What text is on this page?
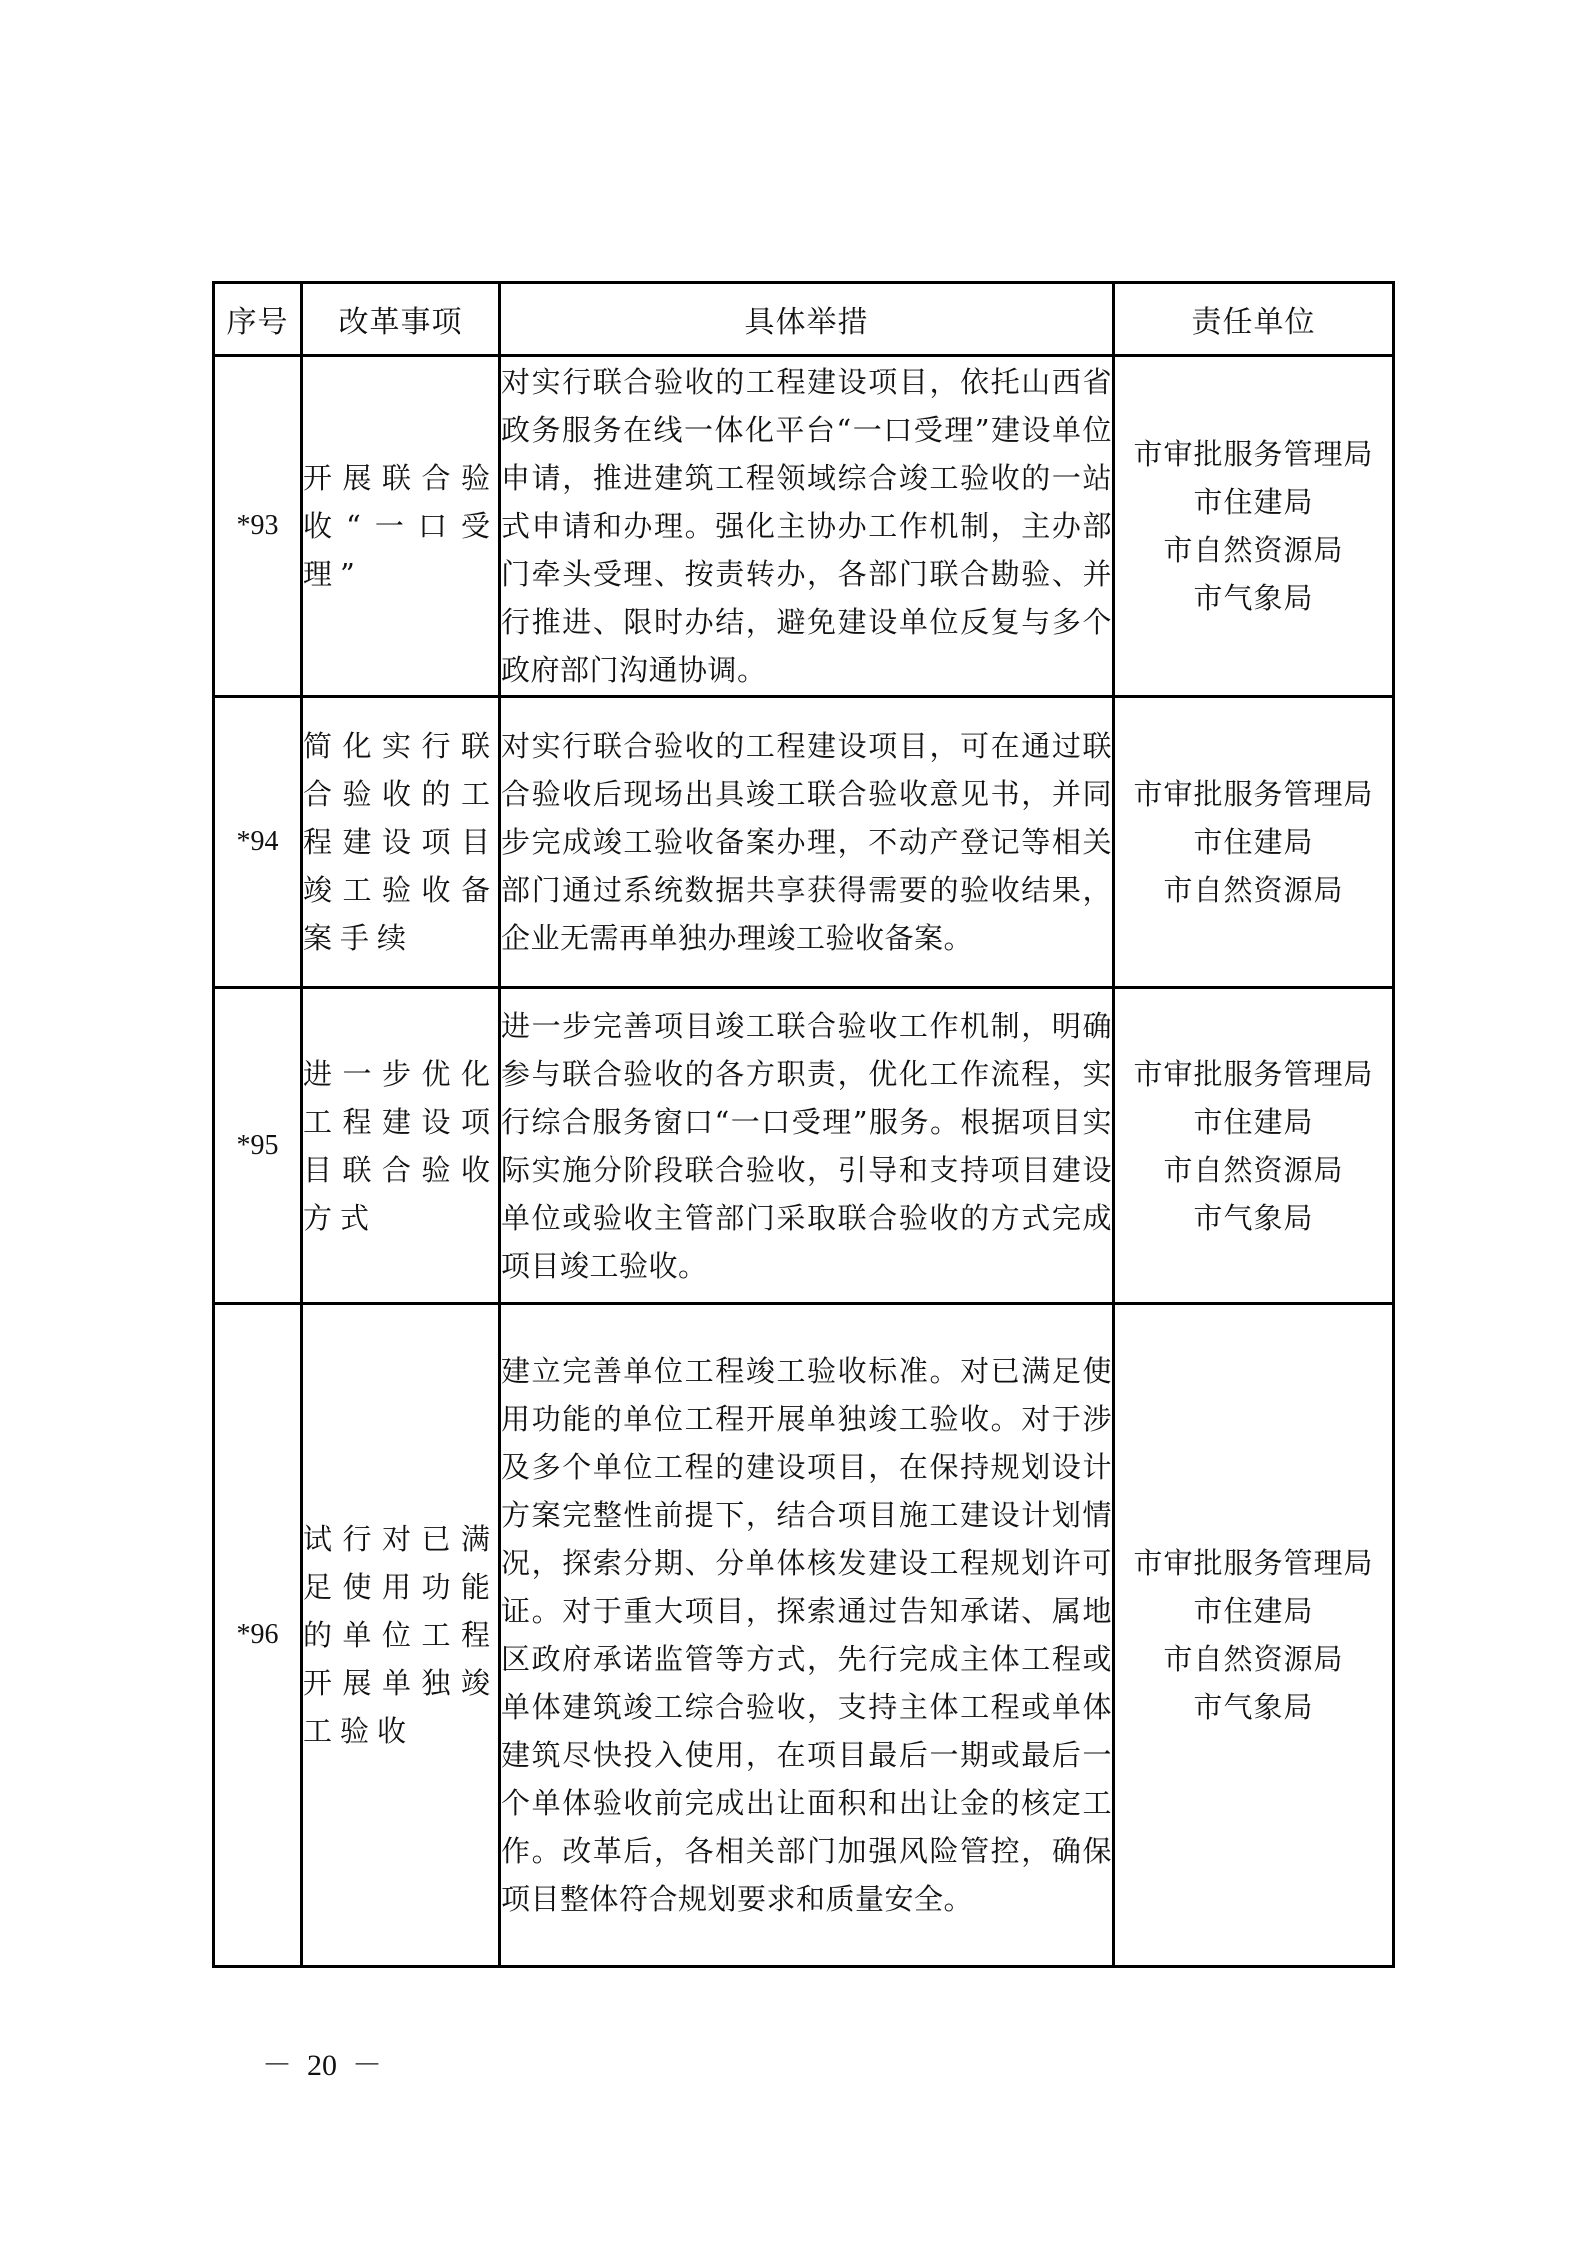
序号	改革事项	具体举措	责任单位
*93	开展联合验收“一口受理”	对实行联合验收的工程建设项目，依托山西省政务服务在线一体化平台“一口受理”建设单位申请，推进建筑工程领域综合竣工验收的一站式申请和办理。强化主协办工作机制，主办部门牵头受理、按责转办，各部门联合勘验、并行推进、限时办结，避免建设单位反复与多个政府部门沟通协调。	市审批服务管理局
市住建局
市自然资源局
市气象局

*94	简化实行联合验收的工程建设项目竣工验收备案手续	对实行联合验收的工程建设项目，可在通过联合验收后现场出具竣工联合验收意见书，并同步完成竣工验收备案办理，不动产登记等相关部门通过系统数据共享获得需要的验收结果，企业无需再单独办理竣工验收备案。	市审批服务管理局
市住建局
市自然资源局

*95	进一步优化工程建设项目联合验收方式	进一步完善项目竣工联合验收工作机制，明确参与联合验收的各方职责，优化工作流程，实行综合服务窗口“一口受理”服务。根据项目实际实施分阶段联合验收，引导和支持项目建设单位或验收主管部门采取联合验收的方式完成项目竣工验收。	市审批服务管理局
市住建局
市自然资源局
市气象局

*96	试行对已满足使用功能的单位工程开展单独竣工验收	建立完善单位工程竣工验收标准。对已满足使用功能的单位工程开展单独竣工验收。对于涉及多个单位工程的建设项目，在保持规划设计方案完整性前提下，结合项目施工建设计划情况，探索分期、分单体核发建设工程规划许可证。对于重大项目，探索通过告知承诺、属地区政府承诺监管等方式，先行完成主体工程或单体建筑竣工综合验收，支持主体工程或单体建筑尽快投入使用，在项目最后一期或最后一个单体验收前完成出让面积和出让金的核定工作。改革后，各相关部门加强风险管控，确保项目整体符合规划要求和质量安全。	
市审批服务管理局
市住建局
市自然资源局
市气象局
－  20  －
